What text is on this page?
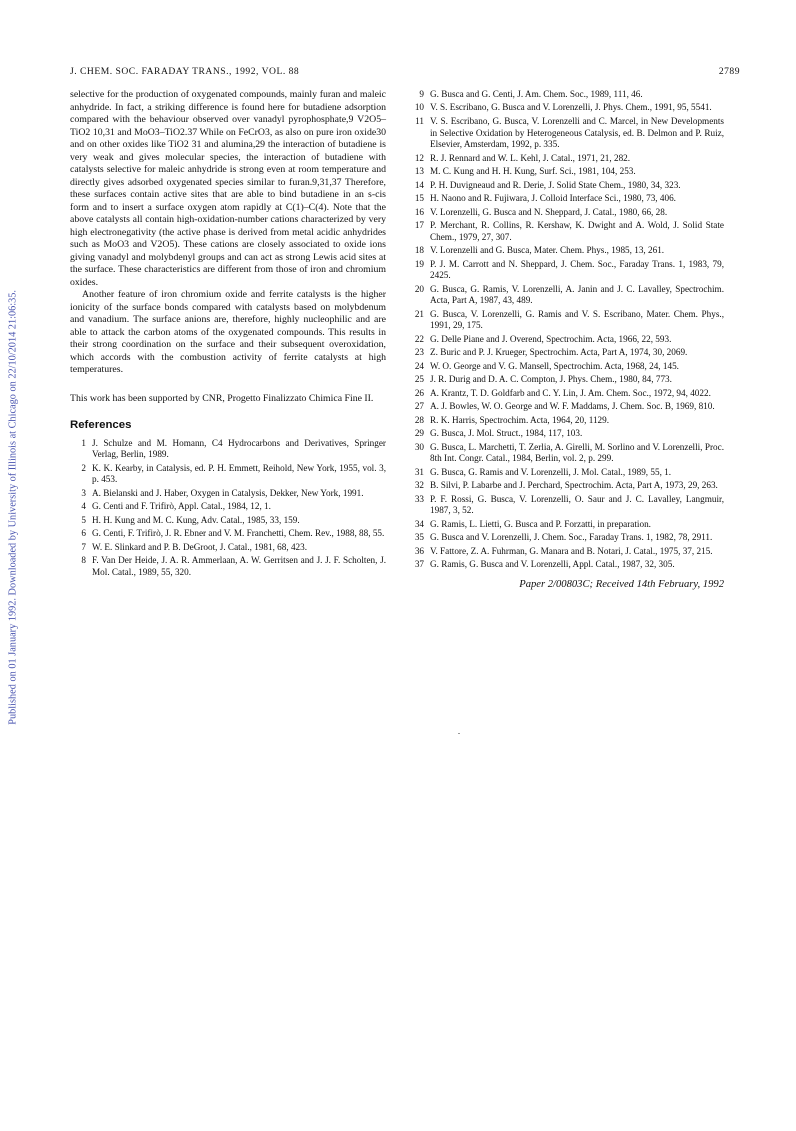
J. CHEM. SOC. FARADAY TRANS., 1992, VOL. 88	2789
Published on 01 January 1992. Downloaded by University of Illinois at Chicago on 22/10/2014 21:06:35.

selective for the production of oxygenated compounds, mainly furan and maleic anhydride. In fact, a striking difference is found here for butadiene adsorption compared with the behaviour observed over vanadyl pyrophosphate,9 V2O5–TiO2 10,31 and MoO3–TiO2.37 While on FeCrO3, as also on pure iron oxide30 and on other oxides like TiO2 31 and alumina,29 the interaction of butadiene is very weak and gives molecular species, the interaction of butadiene with catalysts selective for maleic anhydride is strong even at room temperature and directly gives adsorbed oxygenated species similar to furan.9,31,37 Therefore, these surfaces contain active sites that are able to bind butadiene in an s-cis form and to insert a surface oxygen atom rapidly at C(1)–C(4). Note that the above catalysts all contain high-oxidation-number cations characterized by very high electronegativity (the active phase is derived from metal acidic anhydrides such as MoO3 and V2O5). These cations are closely associated to oxide ions giving vanadyl and molybdenyl groups and can act as strong Lewis acid sites at the surface. These characteristics are different from those of iron and chromium oxides.

Another feature of iron chromium oxide and ferrite catalysts is the higher ionicity of the surface bonds compared with catalysts based on molybdenum and vanadium. The surface anions are, therefore, highly nucleophilic and are able to attack the carbon atoms of the oxygenated compounds. This results in their strong coordination on the surface and their subsequent overoxidation, which accords with the combustion activity of ferrite catalysts at high temperatures.

This work has been supported by CNR, Progetto Finalizzato Chimica Fine II.

References
1 J. Schulze and M. Homann, C4 Hydrocarbons and Derivatives, Springer Verlag, Berlin, 1989.
2 K. K. Kearby, in Catalysis, ed. P. H. Emmett, Reihold, New York, 1955, vol. 3, p. 453.
3 A. Bielanski and J. Haber, Oxygen in Catalysis, Dekker, New York, 1991.
4 G. Centi and F. Trifirò, Appl. Catal., 1984, 12, 1.
5 H. H. Kung and M. C. Kung, Adv. Catal., 1985, 33, 159.
6 G. Centi, F. Trifirò, J. R. Ebner and V. M. Franchetti, Chem. Rev., 1988, 88, 55.
7 W. E. Slinkard and P. B. DeGroot, J. Catal., 1981, 68, 423.
8 F. Van Der Heide, J. A. R. Ammerlaan, A. W. Gerritsen and J. J. F. Scholten, J. Mol. Catal., 1989, 55, 320.
9 G. Busca and G. Centi, J. Am. Chem. Soc., 1989, 111, 46.
10 V. S. Escribano, G. Busca and V. Lorenzelli, J. Phys. Chem., 1991, 95, 5541.
11 V. S. Escribano, G. Busca, V. Lorenzelli and C. Marcel, in New Developments in Selective Oxidation by Heterogeneous Catalysis, ed. B. Delmon and P. Ruiz, Elsevier, Amsterdam, 1992, p. 335.
12 R. J. Rennard and W. L. Kehl, J. Catal., 1971, 21, 282.
13 M. C. Kung and H. H. Kung, Surf. Sci., 1981, 104, 253.
14 P. H. Duvigneaud and R. Derie, J. Solid State Chem., 1980, 34, 323.
15 H. Naono and R. Fujiwara, J. Colloid Interface Sci., 1980, 73, 406.
16 V. Lorenzelli, G. Busca and N. Sheppard, J. Catal., 1980, 66, 28.
17 P. Merchant, R. Collins, R. Kershaw, K. Dwight and A. Wold, J. Solid State Chem., 1979, 27, 307.
18 V. Lorenzelli and G. Busca, Mater. Chem. Phys., 1985, 13, 261.
19 P. J. M. Carrott and N. Sheppard, J. Chem. Soc., Faraday Trans. 1, 1983, 79, 2425.
20 G. Busca, G. Ramis, V. Lorenzelli, A. Janin and J. C. Lavalley, Spectrochim. Acta, Part A, 1987, 43, 489.
21 G. Busca, V. Lorenzelli, G. Ramis and V. S. Escribano, Mater. Chem. Phys., 1991, 29, 175.
22 G. Delle Piane and J. Overend, Spectrochim. Acta, 1966, 22, 593.
23 Z. Buric and P. J. Krueger, Spectrochim. Acta, Part A, 1974, 30, 2069.
24 W. O. George and V. G. Mansell, Spectrochim. Acta, 1968, 24, 145.
25 J. R. Durig and D. A. C. Compton, J. Phys. Chem., 1980, 84, 773.
26 A. Krantz, T. D. Goldfarb and C. Y. Lin, J. Am. Chem. Soc., 1972, 94, 4022.
27 A. J. Bowles, W. O. George and W. F. Maddams, J. Chem. Soc. B, 1969, 810.
28 R. K. Harris, Spectrochim. Acta, 1964, 20, 1129.
29 G. Busca, J. Mol. Struct., 1984, 117, 103.
30 G. Busca, L. Marchetti, T. Zerlia, A. Girelli, M. Sorlino and V. Lorenzelli, Proc. 8th Int. Congr. Catal., 1984, Berlin, vol. 2, p. 299.
31 G. Busca, G. Ramis and V. Lorenzelli, J. Mol. Catal., 1989, 55, 1.
32 B. Silvi, P. Labarbe and J. Perchard, Spectrochim. Acta, Part A, 1973, 29, 263.
33 P. F. Rossi, G. Busca, V. Lorenzelli, O. Saur and J. C. Lavalley, Langmuir, 1987, 3, 52.
34 G. Ramis, L. Lietti, G. Busca and P. Forzatti, in preparation.
35 G. Busca and V. Lorenzelli, J. Chem. Soc., Faraday Trans. 1, 1982, 78, 2911.
36 V. Fattore, Z. A. Fuhrman, G. Manara and B. Notari, J. Catal., 1975, 37, 215.
37 G. Ramis, G. Busca and V. Lorenzelli, Appl. Catal., 1987, 32, 305.
Paper 2/00803C; Received 14th February, 1992
